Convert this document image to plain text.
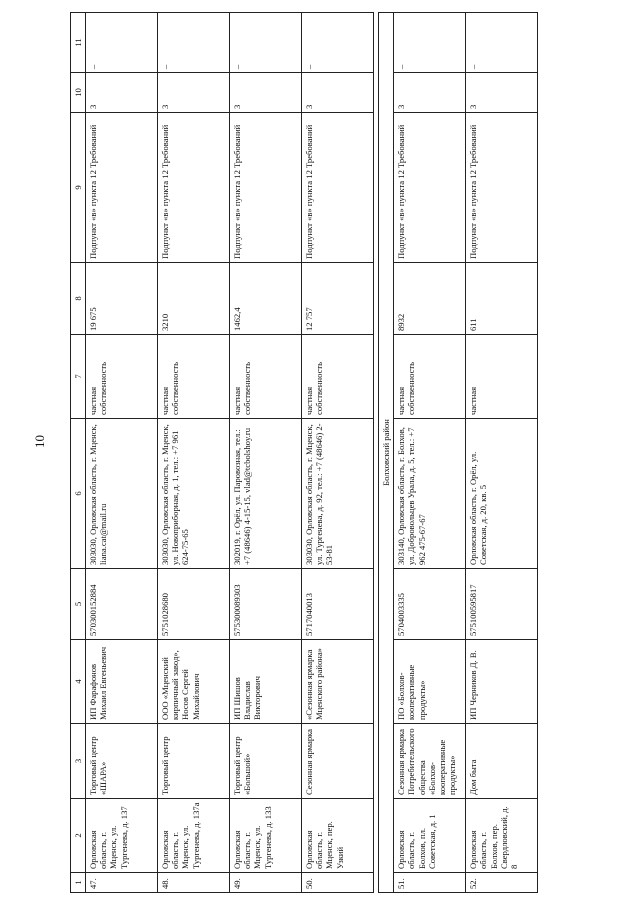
10
1	2	3	4	5	6	7	8	9	10	11
47.	Орловская область, г. Мценск, ул. Тургенева, д. 137	Торговый центр «ШАРА»	ИП Фарафонов Михаил Евгеньевич	570300152884	303030, Орловская область, г. Мценск, liana.cat@mail.ru	частная собственность	19 675	Подпункт «в» пункта 12 Требований	3	–
48.	Орловская область, г. Мценск, ул. Тургенева, д. 137а	Торговый центр	ООО «Мценский кирпичный завод», Носов Сергей Михайлович	5751028680	303030, Орловская область, г. Мценск, ул. Новоприборная, д. 1, тел.: +7 961 624-75-65	частная собственность	3210	Подпункт «в» пункта 12 Требований	3	–
49.	Орловская область, г. Мценск, ул. Тургенева, д. 133	Торговый центр «Большой»	ИП Шишов Владислав Викторович	575300089303	302019, г. Орёл, ул. Паровозная, тел.: +7 (48646) 4-15-15, vlad@tcbolshoy.ru	частная собственность	1462,4	Подпункт «в» пункта 12 Требований	3	–
50.	Орловская область, г. Мценск, пер. Узкий	Сезонная ярмарка	«Сезонная ярмарка Мценского района»	5717040013	303030, Орловская область, г. Мценск, ул. Тургенева, д. 92, тел.: +7 (48646) 2-53-81	частная собственность	12 757	Подпункт «в» пункта 12 Требований	3	–

Болховский район										
51.	Орловская область, г. Болхов, пл. Советская, д. 1	Сезонная ярмарка Потребительского общества «Болхов-кооперативные продукты»	ПО «Болхов-кооперативные продукты»	5704003335	303140, Орловская область, г. Болхов, ул. Добровольцев Урала, д. 5, тел.: +7 962 475-67-67	частная собственность	8932	Подпункт «в» пункта 12 Требований	3	–
52.	Орловская область, г. Болхов, пер. Свердловский, д. 8	Дом быта	ИП Черников Д. В.	575100595817	Орловская область, г. Орёл, ул. Советская, д. 20, кв. 5	частная	611	Подпункт «в» пункта 12 Требований	3	–
